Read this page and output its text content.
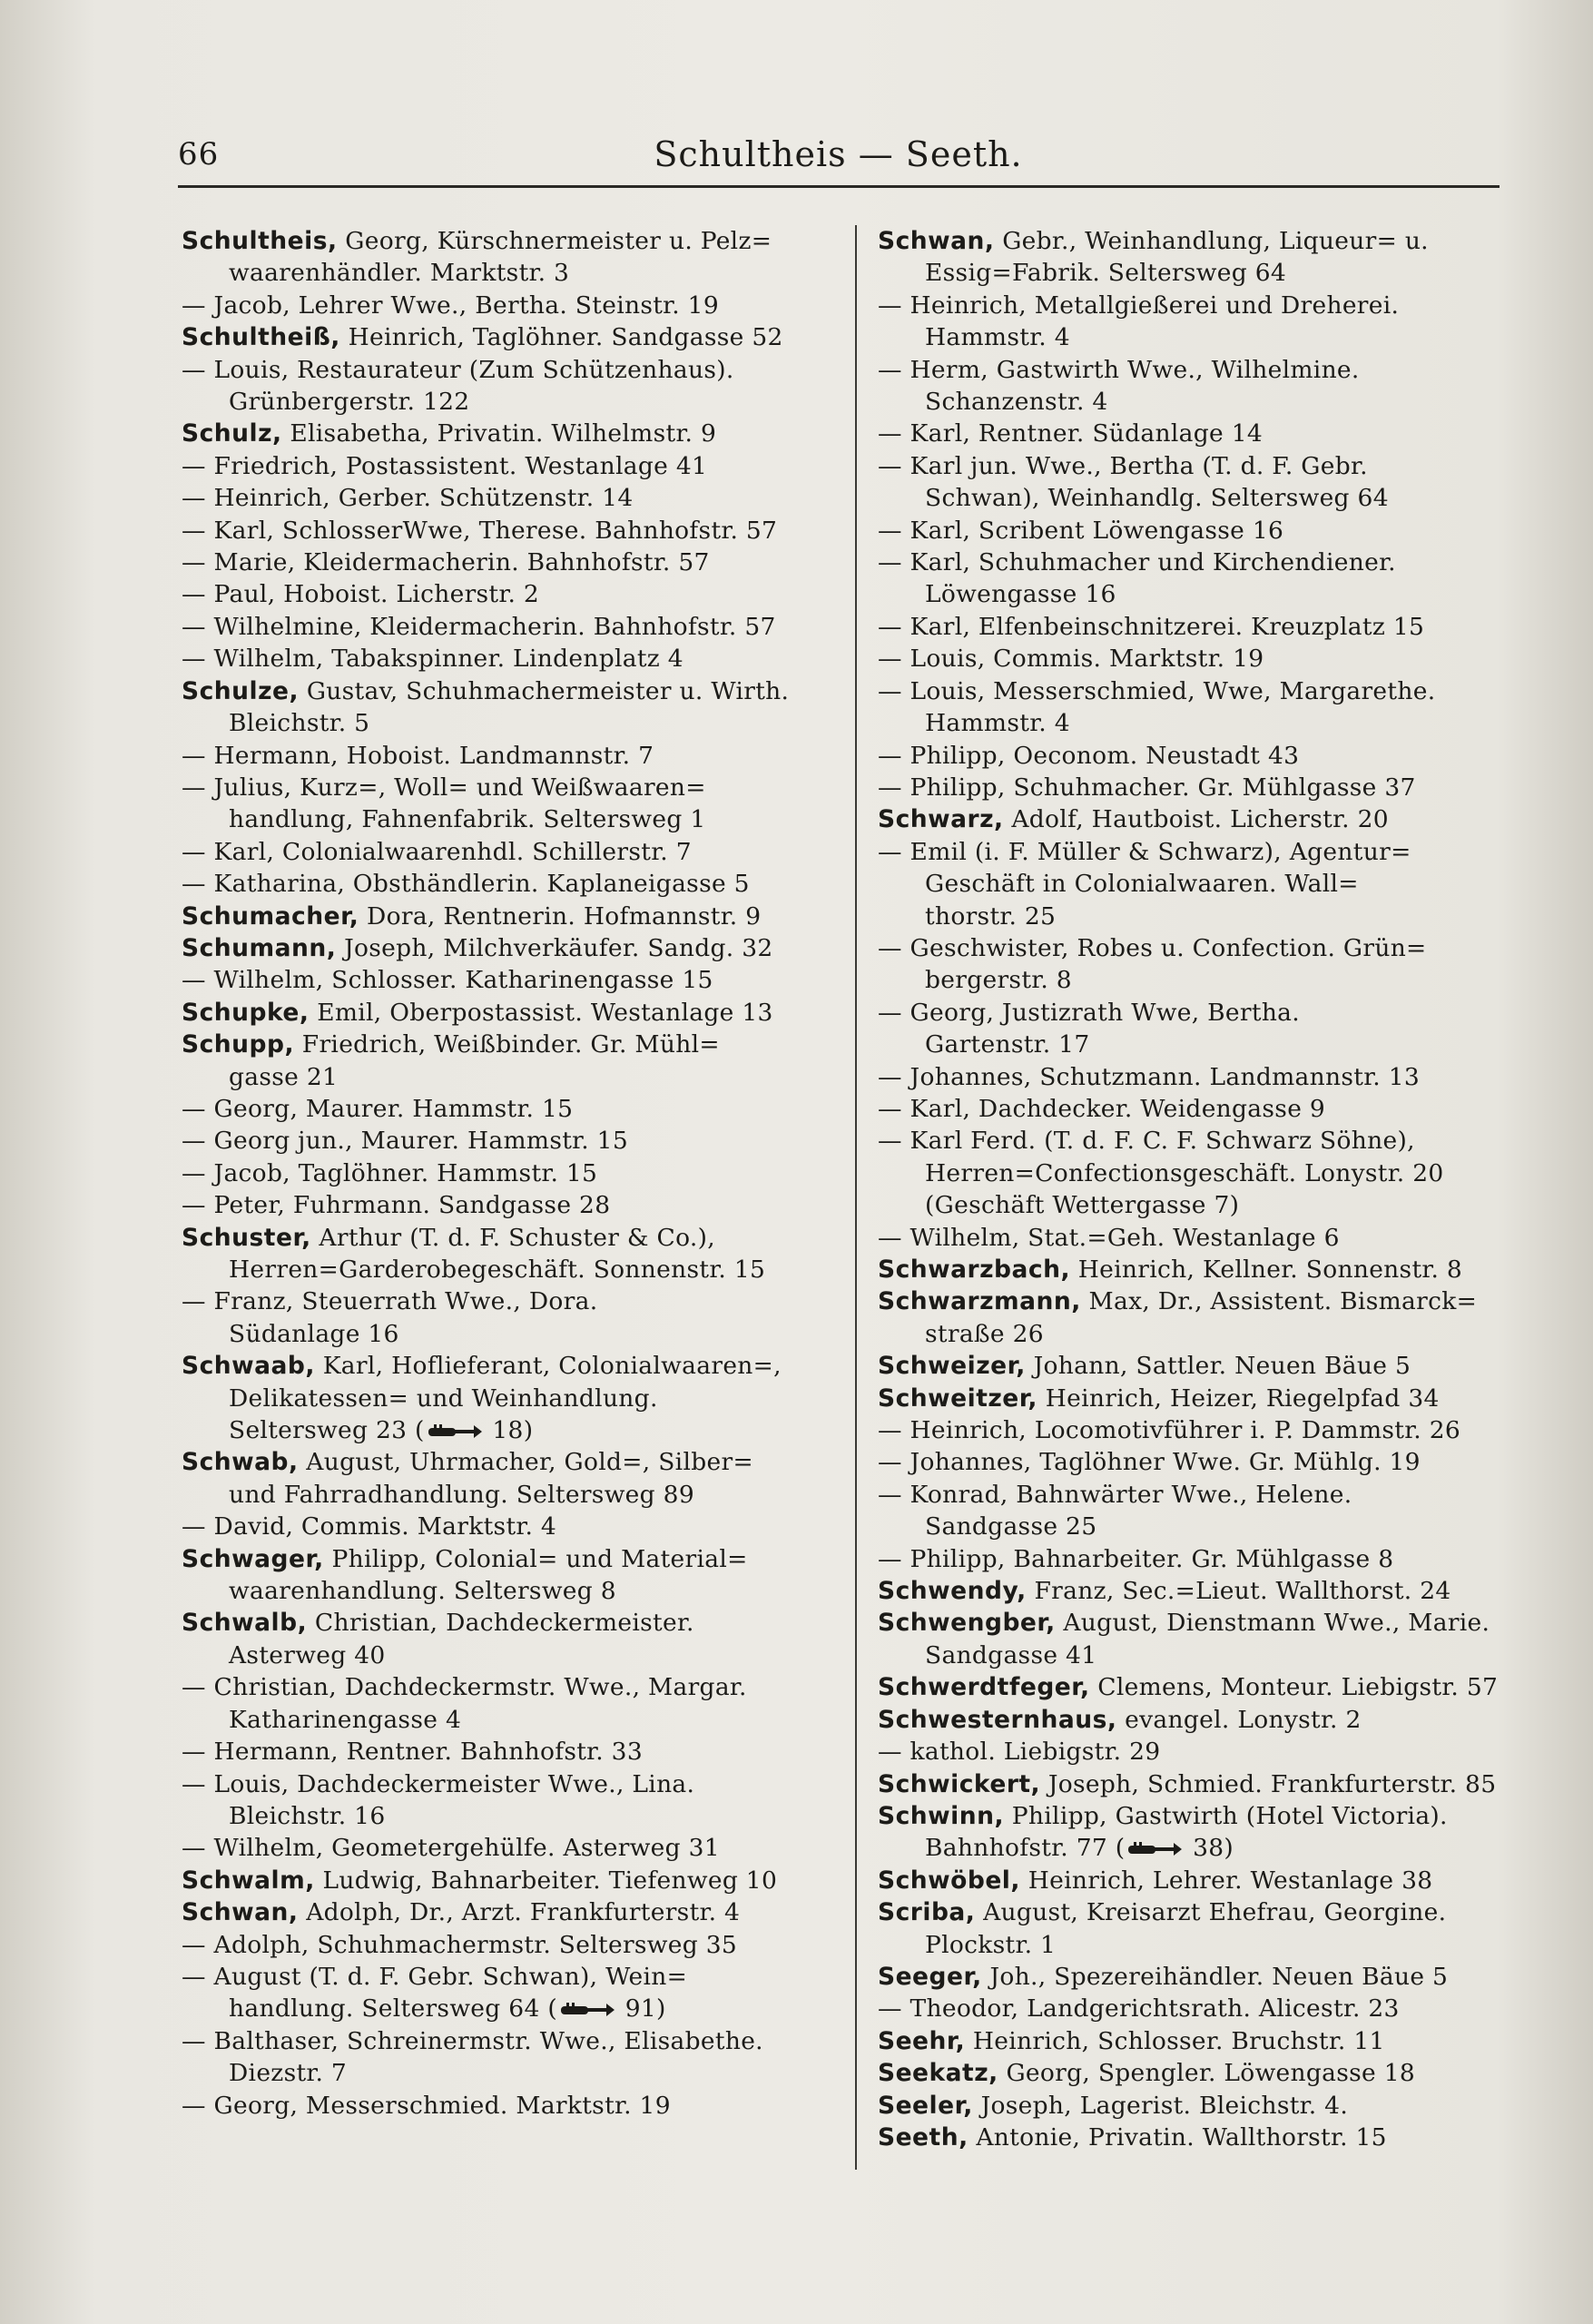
66	Schultheis — Seeth.
Schultheis, Georg, Kürschnermeister u. Pelz=
waarenhändler. Marktstr. 3
— Jacob, Lehrer Wwe., Bertha. Steinstr. 19
Schultheiß, Heinrich, Taglöhner. Sandgasse 52
— Louis, Restaurateur (Zum Schützenhaus).
Grünbergerstr. 122
Schulz, Elisabetha, Privatin. Wilhelmstr. 9
— Friedrich, Postassistent. Westanlage 41
— Heinrich, Gerber. Schützenstr. 14
— Karl, SchlosserWwe, Therese. Bahnhofstr. 57
— Marie, Kleidermacherin. Bahnhofstr. 57
— Paul, Hoboist. Licherstr. 2
— Wilhelmine, Kleidermacherin. Bahnhofstr. 57
— Wilhelm, Tabakspinner. Lindenplatz 4
Schulze, Gustav, Schuhmachermeister u. Wirth.
Bleichstr. 5
— Hermann, Hoboist. Landmannstr. 7
— Julius, Kurz=, Woll= und Weißwaaren=
handlung, Fahnenfabrik. Seltersweg 1
— Karl, Colonialwaarenhdl. Schillerstr. 7
— Katharina, Obsthändlerin. Kaplaneigasse 5
Schumacher, Dora, Rentnerin. Hofmannstr. 9
Schumann, Joseph, Milchverkäufer. Sandg. 32
— Wilhelm, Schlosser. Katharinengasse 15
Schupke, Emil, Oberpostassist. Westanlage 13
Schupp, Friedrich, Weißbinder. Gr. Mühl=
gasse 21
— Georg, Maurer. Hammstr. 15
— Georg jun., Maurer. Hammstr. 15
— Jacob, Taglöhner. Hammstr. 15
— Peter, Fuhrmann. Sandgasse 28
Schuster, Arthur (T. d. F. Schuster & Co.),
Herren=Garderobegeschäft. Sonnenstr. 15
— Franz, Steuerrath Wwe., Dora.
Südanlage 16
Schwaab, Karl, Hoflieferant, Colonialwaaren=,
Delikatessen= und Weinhandlung.
Seltersweg 23 ( 18)
Schwab, August, Uhrmacher, Gold=, Silber=
und Fahrradhandlung. Seltersweg 89
— David, Commis. Marktstr. 4
Schwager, Philipp, Colonial= und Material=
waarenhandlung. Seltersweg 8
Schwalb, Christian, Dachdeckermeister.
Asterweg 40
— Christian, Dachdeckermstr. Wwe., Margar.
Katharinengasse 4
— Hermann, Rentner. Bahnhofstr. 33
— Louis, Dachdeckermeister Wwe., Lina.
Bleichstr. 16
— Wilhelm, Geometergehülfe. Asterweg 31
Schwalm, Ludwig, Bahnarbeiter. Tiefenweg 10
Schwan, Adolph, Dr., Arzt. Frankfurterstr. 4
— Adolph, Schuhmachermstr. Seltersweg 35
— August (T. d. F. Gebr. Schwan), Wein=
handlung. Seltersweg 64 ( 91)
— Balthaser, Schreinermstr. Wwe., Elisabethe.
Diezstr. 7
— Georg, Messerschmied. Marktstr. 19
Schwan, Gebr., Weinhandlung, Liqueur= u.
Essig=Fabrik. Seltersweg 64
— Heinrich, Metallgießerei und Dreherei.
Hammstr. 4
— Herm, Gastwirth Wwe., Wilhelmine.
Schanzenstr. 4
— Karl, Rentner. Südanlage 14
— Karl jun. Wwe., Bertha (T. d. F. Gebr.
Schwan), Weinhandlg. Seltersweg 64
— Karl, Scribent Löwengasse 16
— Karl, Schuhmacher und Kirchendiener.
Löwengasse 16
— Karl, Elfenbeinschnitzerei. Kreuzplatz 15
— Louis, Commis. Marktstr. 19
— Louis, Messerschmied, Wwe, Margarethe.
Hammstr. 4
— Philipp, Oeconom. Neustadt 43
— Philipp, Schuhmacher. Gr. Mühlgasse 37
Schwarz, Adolf, Hautboist. Licherstr. 20
— Emil (i. F. Müller & Schwarz), Agentur=
Geschäft in Colonialwaaren. Wall=
thorstr. 25
— Geschwister, Robes u. Confection. Grün=
bergerstr. 8
— Georg, Justizrath Wwe, Bertha.
Gartenstr. 17
— Johannes, Schutzmann. Landmannstr. 13
— Karl, Dachdecker. Weidengasse 9
— Karl Ferd. (T. d. F. C. F. Schwarz Söhne),
Herren=Confectionsgeschäft. Lonystr. 20
(Geschäft Wettergasse 7)
— Wilhelm, Stat.=Geh. Westanlage 6
Schwarzbach, Heinrich, Kellner. Sonnenstr. 8
Schwarzmann, Max, Dr., Assistent. Bismarck=
straße 26
Schweizer, Johann, Sattler. Neuen Bäue 5
Schweitzer, Heinrich, Heizer, Riegelpfad 34
— Heinrich, Locomotivführer i. P. Dammstr. 26
— Johannes, Taglöhner Wwe. Gr. Mühlg. 19
— Konrad, Bahnwärter Wwe., Helene.
Sandgasse 25
— Philipp, Bahnarbeiter. Gr. Mühlgasse 8
Schwendy, Franz, Sec.=Lieut. Wallthorst. 24
Schwengber, August, Dienstmann Wwe., Marie.
Sandgasse 41
Schwerdtfeger, Clemens, Monteur. Liebigstr. 57
Schwesternhaus, evangel. Lonystr. 2
— kathol. Liebigstr. 29
Schwickert, Joseph, Schmied. Frankfurterstr. 85
Schwinn, Philipp, Gastwirth (Hotel Victoria).
Bahnhofstr. 77 ( 38)
Schwöbel, Heinrich, Lehrer. Westanlage 38
Scriba, August, Kreisarzt Ehefrau, Georgine.
Plockstr. 1
Seeger, Joh., Spezereihändler. Neuen Bäue 5
— Theodor, Landgerichtsrath. Alicestr. 23
Seehr, Heinrich, Schlosser. Bruchstr. 11
Seekatz, Georg, Spengler. Löwengasse 18
Seeler, Joseph, Lagerist. Bleichstr. 4.
Seeth, Antonie, Privatin. Wallthorstr. 15
